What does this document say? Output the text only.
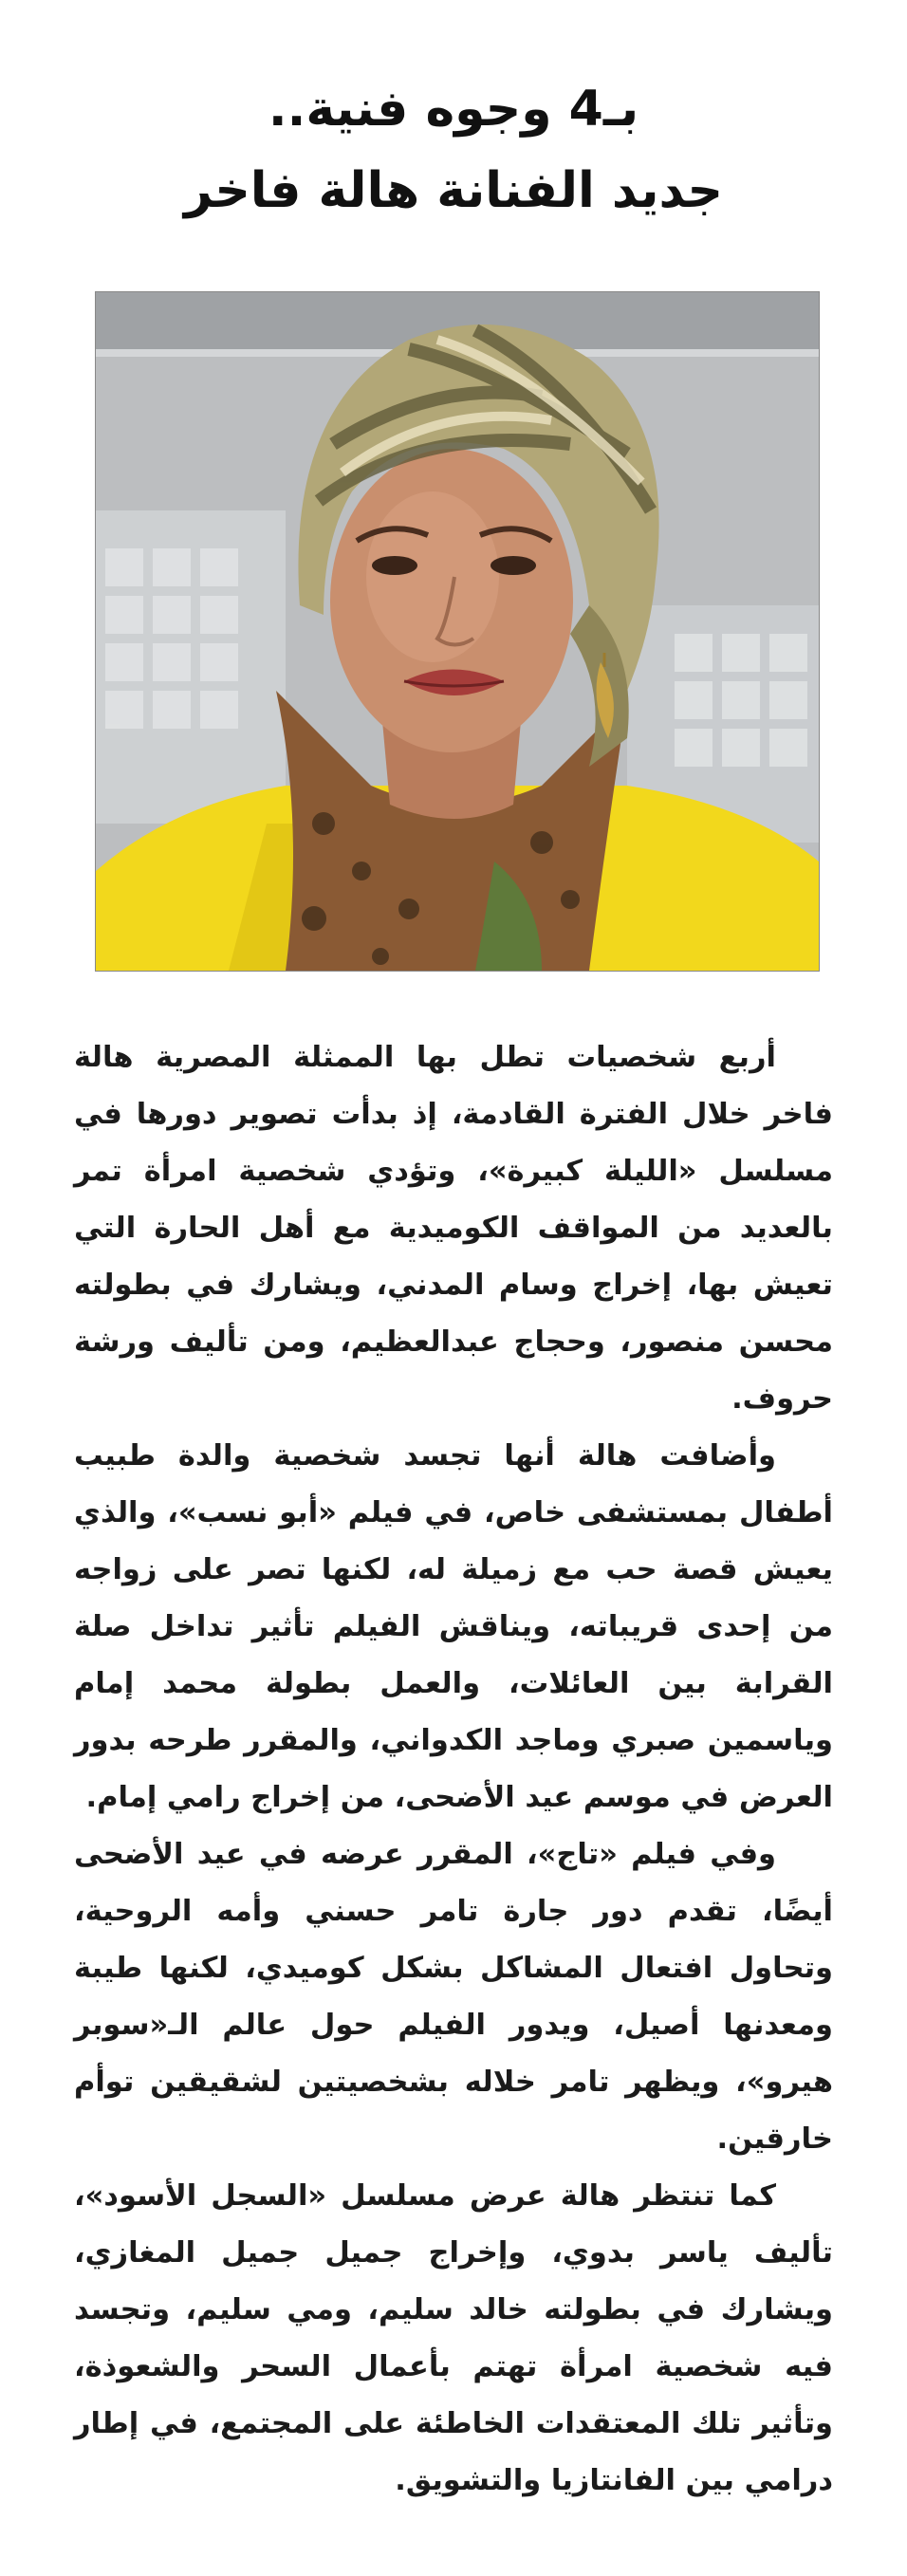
بـ4 وجوه فنية..
جديد الفنانة هالة فاخر

أربع شخصيات تطل بها الممثلة المصرية هالة فاخر خلال الفترة القادمة، إذ بدأت تصوير دورها في مسلسل «الليلة كبيرة»، وتؤدي شخصية امرأة تمر بالعديد من المواقف الكوميدية مع أهل الحارة التي تعيش بها، إخراج وسام المدني، ويشارك في بطولته محسن منصور، وحجاج عبدالعظيم، ومن تأليف ورشة حروف.

وأضافت هالة أنها تجسد شخصية والدة طبيب أطفال بمستشفى خاص، في فيلم «أبو نسب»، والذي يعيش قصة حب مع زميلة له، لكنها تصر على زواجه من إحدى قريباته، ويناقش الفيلم تأثير تداخل صلة القرابة بين العائلات، والعمل بطولة محمد إمام وياسمين صبري وماجد الكدواني، والمقرر طرحه بدور العرض في موسم عيد الأضحى، من إخراج رامي إمام.

وفي فيلم «تاج»، المقرر عرضه في عيد الأضحى أيضًا، تقدم دور جارة تامر حسني وأمه الروحية، وتحاول افتعال المشاكل بشكل كوميدي، لكنها طيبة ومعدنها أصيل، ويدور الفيلم حول عالم الـ«سوبر هيرو»، ويظهر تامر خلاله بشخصيتين لشقيقين توأم خارقين.

كما تنتظر هالة عرض مسلسل «السجل الأسود»، تأليف ياسر بدوي، وإخراج جميل جميل المغازي، ويشارك في بطولته خالد سليم، ومي سليم، وتجسد فيه شخصية امرأة تهتم بأعمال السحر والشعوذة، وتأثير تلك المعتقدات الخاطئة على المجتمع، في إطار درامي بين الفانتازيا والتشويق.
